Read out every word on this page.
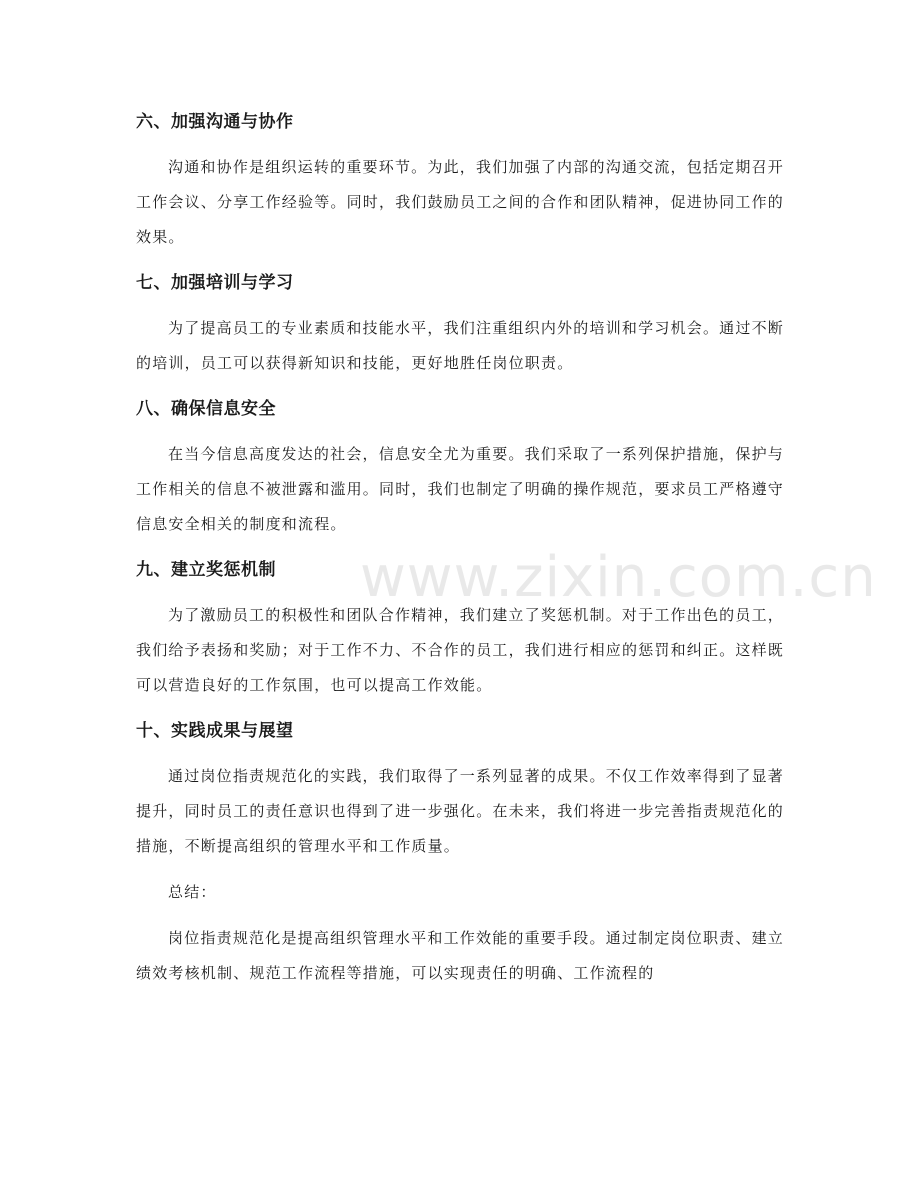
六、加强沟通与协作

沟通和协作是组织运转的重要环节。为此，我们加强了内部的沟通交流，包括定期召开工作会议、分享工作经验等。同时，我们鼓励员工之间的合作和团队精神，促进协同工作的效果。

七、加强培训与学习

为了提高员工的专业素质和技能水平，我们注重组织内外的培训和学习机会。通过不断的培训，员工可以获得新知识和技能，更好地胜任岗位职责。

八、确保信息安全

在当今信息高度发达的社会，信息安全尤为重要。我们采取了一系列保护措施，保护与工作相关的信息不被泄露和滥用。同时，我们也制定了明确的操作规范，要求员工严格遵守信息安全相关的制度和流程。

九、建立奖惩机制

为了激励员工的积极性和团队合作精神，我们建立了奖惩机制。对于工作出色的员工，我们给予表扬和奖励；对于工作不力、不合作的员工，我们进行相应的惩罚和纠正。这样既可以营造良好的工作氛围，也可以提高工作效能。

十、实践成果与展望

通过岗位指责规范化的实践，我们取得了一系列显著的成果。不仅工作效率得到了显著提升，同时员工的责任意识也得到了进一步强化。在未来，我们将进一步完善指责规范化的措施，不断提高组织的管理水平和工作质量。

总结：

岗位指责规范化是提高组织管理水平和工作效能的重要手段。通过制定岗位职责、建立绩效考核机制、规范工作流程等措施，可以实现责任的明确、工作流程的

www.zixin.com.cn
